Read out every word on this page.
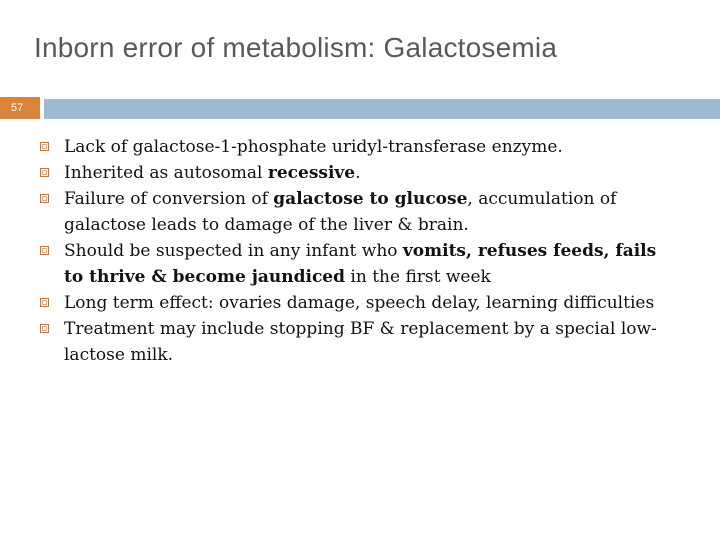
Inborn error of metabolism: Galactosemia
57
Lack of galactose-1-phosphate uridyl-transferase enzyme.
Inherited as autosomal recessive.
Failure of conversion of galactose to glucose, accumulation of galactose leads to damage of the liver & brain.
Should be suspected in any infant who vomits, refuses feeds, fails to thrive & become jaundiced in the first week
Long term effect: ovaries damage, speech delay, learning difficulties
Treatment may include stopping BF & replacement by a special low-lactose milk.
